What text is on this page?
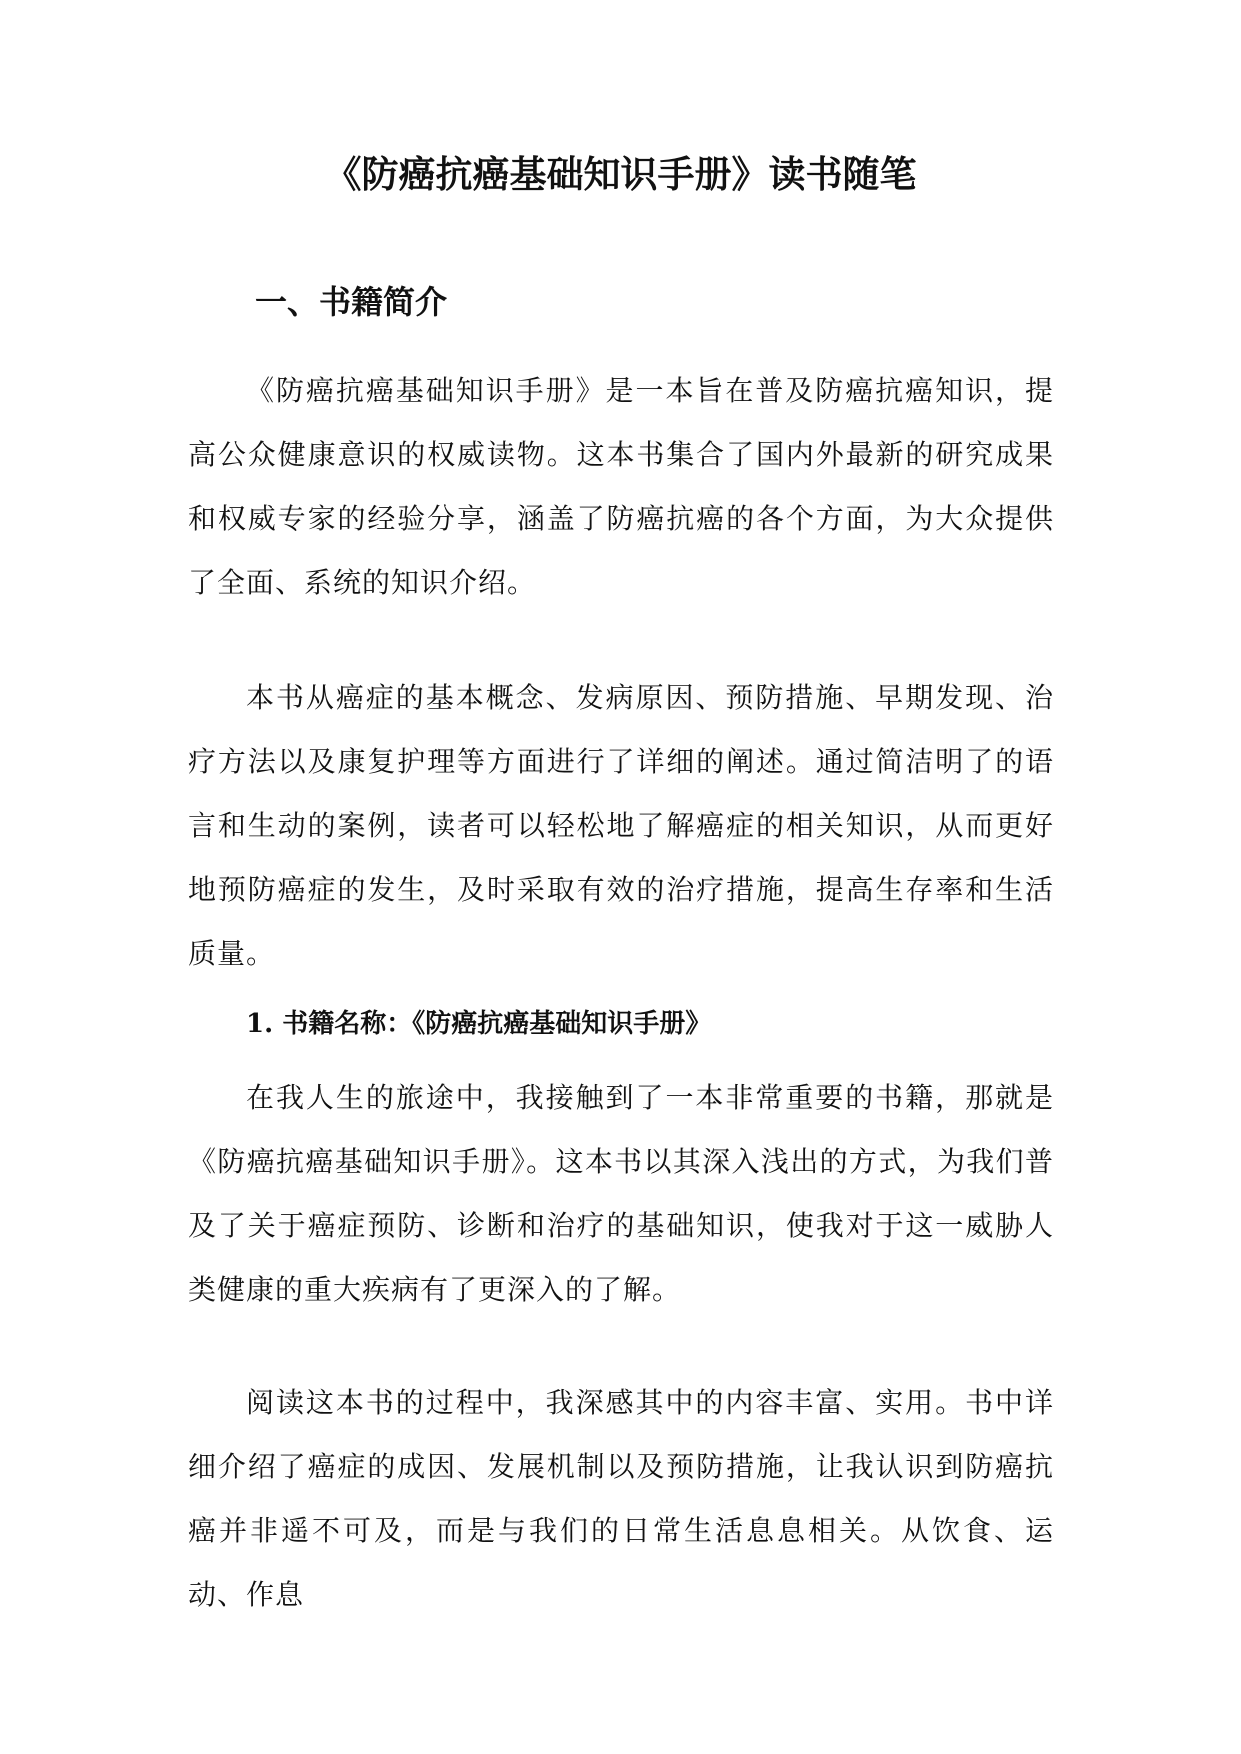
《防癌抗癌基础知识手册》读书随笔
一、书籍简介

《防癌抗癌基础知识手册》是一本旨在普及防癌抗癌知识，提高公众健康意识的权威读物。这本书集合了国内外最新的研究成果和权威专家的经验分享，涵盖了防癌抗癌的各个方面，为大众提供了全面、系统的知识介绍。

本书从癌症的基本概念、发病原因、预防措施、早期发现、治疗方法以及康复护理等方面进行了详细的阐述。通过简洁明了的语言和生动的案例，读者可以轻松地了解癌症的相关知识，从而更好地预防癌症的发生，及时采取有效的治疗措施，提高生存率和生活质量。

1. 书籍名称：《防癌抗癌基础知识手册》

在我人生的旅途中，我接触到了一本非常重要的书籍，那就是《防癌抗癌基础知识手册》。这本书以其深入浅出的方式，为我们普及了关于癌症预防、诊断和治疗的基础知识，使我对于这一威胁人类健康的重大疾病有了更深入的了解。

阅读这本书的过程中，我深感其中的内容丰富、实用。书中详细介绍了癌症的成因、发展机制以及预防措施，让我认识到防癌抗癌并非遥不可及，而是与我们的日常生活息息相关。从饮食、运动、作息
